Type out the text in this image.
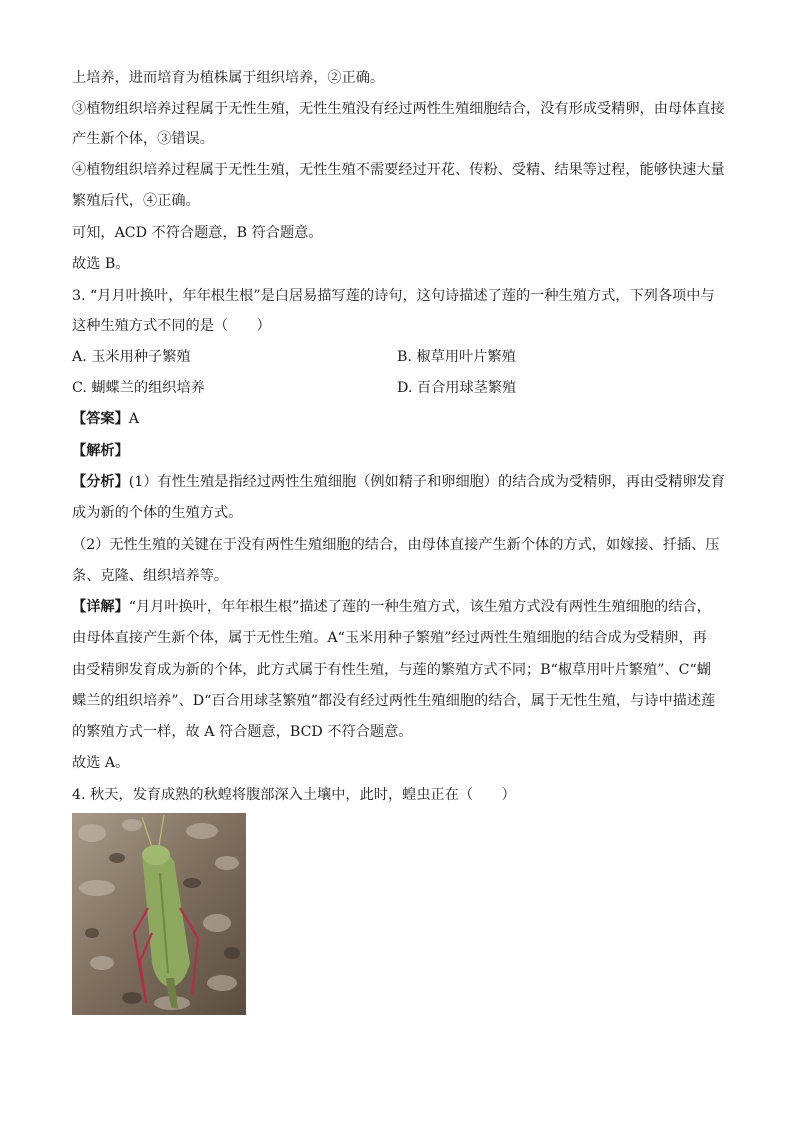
上培养，进而培育为植株属于组织培养，②正确。
③植物组织培养过程属于无性生殖，无性生殖没有经过两性生殖细胞结合，没有形成受精卵，由母体直接
产生新个体，③错误。
④植物组织培养过程属于无性生殖，无性生殖不需要经过开花、传粉、受精、结果等过程，能够快速大量
繁殖后代，④正确。
可知，ACD 不符合题意，B 符合题意。
故选 B。
3. “月月叶换叶，年年根生根”是白居易描写莲的诗句，这句诗描述了莲的一种生殖方式，下列各项中与
这种生殖方式不同的是（　　）
A. 玉米用种子繁殖	B. 椒草用叶片繁殖
C. 蝴蝶兰的组织培养	D. 百合用球茎繁殖
【答案】A
【解析】
【分析】(1）有性生殖是指经过两性生殖细胞（例如精子和卵细胞）的结合成为受精卵，再由受精卵发育
成为新的个体的生殖方式。
（2）无性生殖的关键在于没有两性生殖细胞的结合，由母体直接产生新个体的方式，如嫁接、扦插、压
条、克隆、组织培养等。
【详解】“月月叶换叶，年年根生根”描述了莲的一种生殖方式，该生殖方式没有两性生殖细胞的结合，
由母体直接产生新个体，属于无性生殖。A“玉米用种子繁殖”经过两性生殖细胞的结合成为受精卵，再
由受精卵发育成为新的个体，此方式属于有性生殖，与莲的繁殖方式不同；B“椒草用叶片繁殖”、C“蝴
蝶兰的组织培养”、D“百合用球茎繁殖”都没有经过两性生殖细胞的结合，属于无性生殖，与诗中描述莲
的繁殖方式一样，故 A 符合题意，BCD 不符合题意。
故选 A。
4. 秋天，发育成熟的秋蝗将腹部深入土壤中，此时，蝗虫正在（　　）
